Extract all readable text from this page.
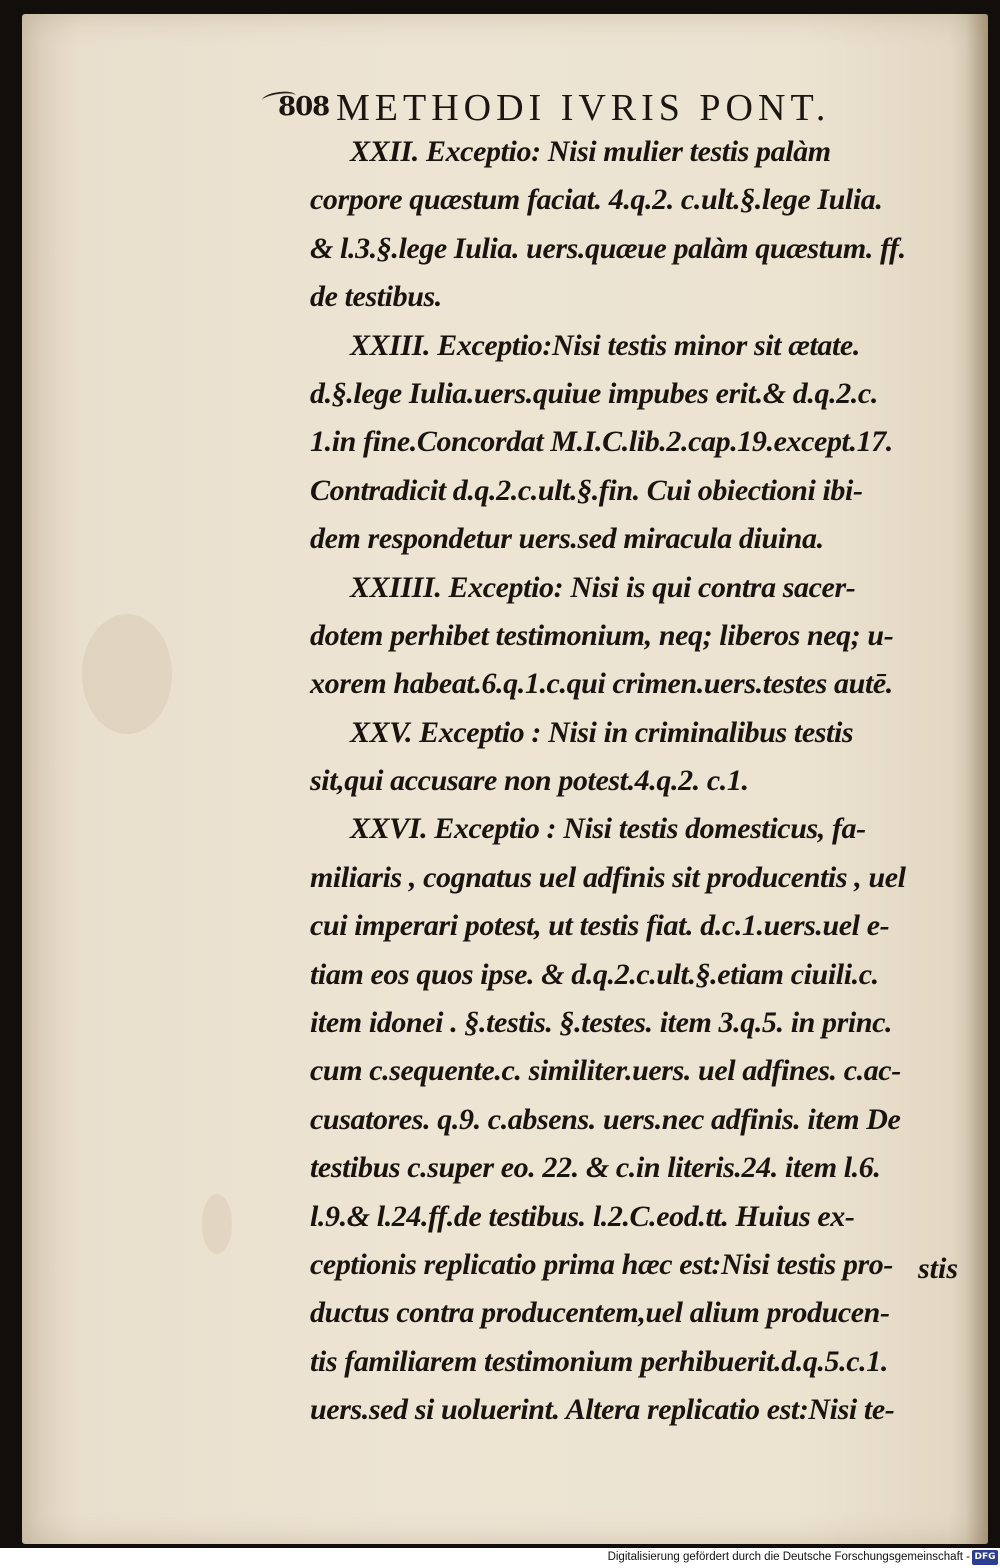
808 METHODI IVRIS PONT.
XXII. Exceptio: Nisi mulier testis palàm
corpore quæstum faciat. 4.q.2. c.ult.§.lege Iulia.
& l.3.§.lege Iulia. uers.quæue palàm quæstum. ff.
de testibus.
XXIII. Exceptio:Nisi testis minor sit ætate.
d.§.lege Iulia.uers.quiue impubes erit.& d.q.2.c.
1.in fine.Concordat M.I.C.lib.2.cap.19.except.17.
Contradicit d.q.2.c.ult.§.fin. Cui obiectioni ibi-
dem respondetur uers.sed miracula diuina.
XXIIII. Exceptio: Nisi is qui contra sacer-
dotem perhibet testimonium, neq; liberos neq; u-
xorem habeat.6.q.1.c.qui crimen.uers.testes autē.
XXV. Exceptio : Nisi in criminalibus testis
sit,qui accusare non potest.4.q.2. c.1.
XXVI. Exceptio : Nisi testis domesticus, fa-
miliaris , cognatus uel adfinis sit producentis , uel
cui imperari potest, ut testis fiat. d.c.1.uers.uel e-
tiam eos quos ipse. & d.q.2.c.ult.§.etiam ciuili.c.
item idonei . §.testis. §.testes. item 3.q.5. in princ.
cum c.sequente.c. similiter.uers. uel adfines. c.ac-
cusatores. q.9. c.absens. uers.nec adfinis. item De
testibus c.super eo. 22. & c.in literis.24. item l.6.
l.9.& l.24.ff.de testibus. l.2.C.eod.tt. Huius ex-
ceptionis replicatio prima hæc est:Nisi testis pro-
ductus contra producentem,uel alium producen-
tis familiarem testimonium perhibuerit.d.q.5.c.1.
uers.sed si uoluerint. Altera replicatio est:Nisi te-
stis
Digitalisierung gefördert durch die Deutsche Forschungsgemeinschaft - DFG
